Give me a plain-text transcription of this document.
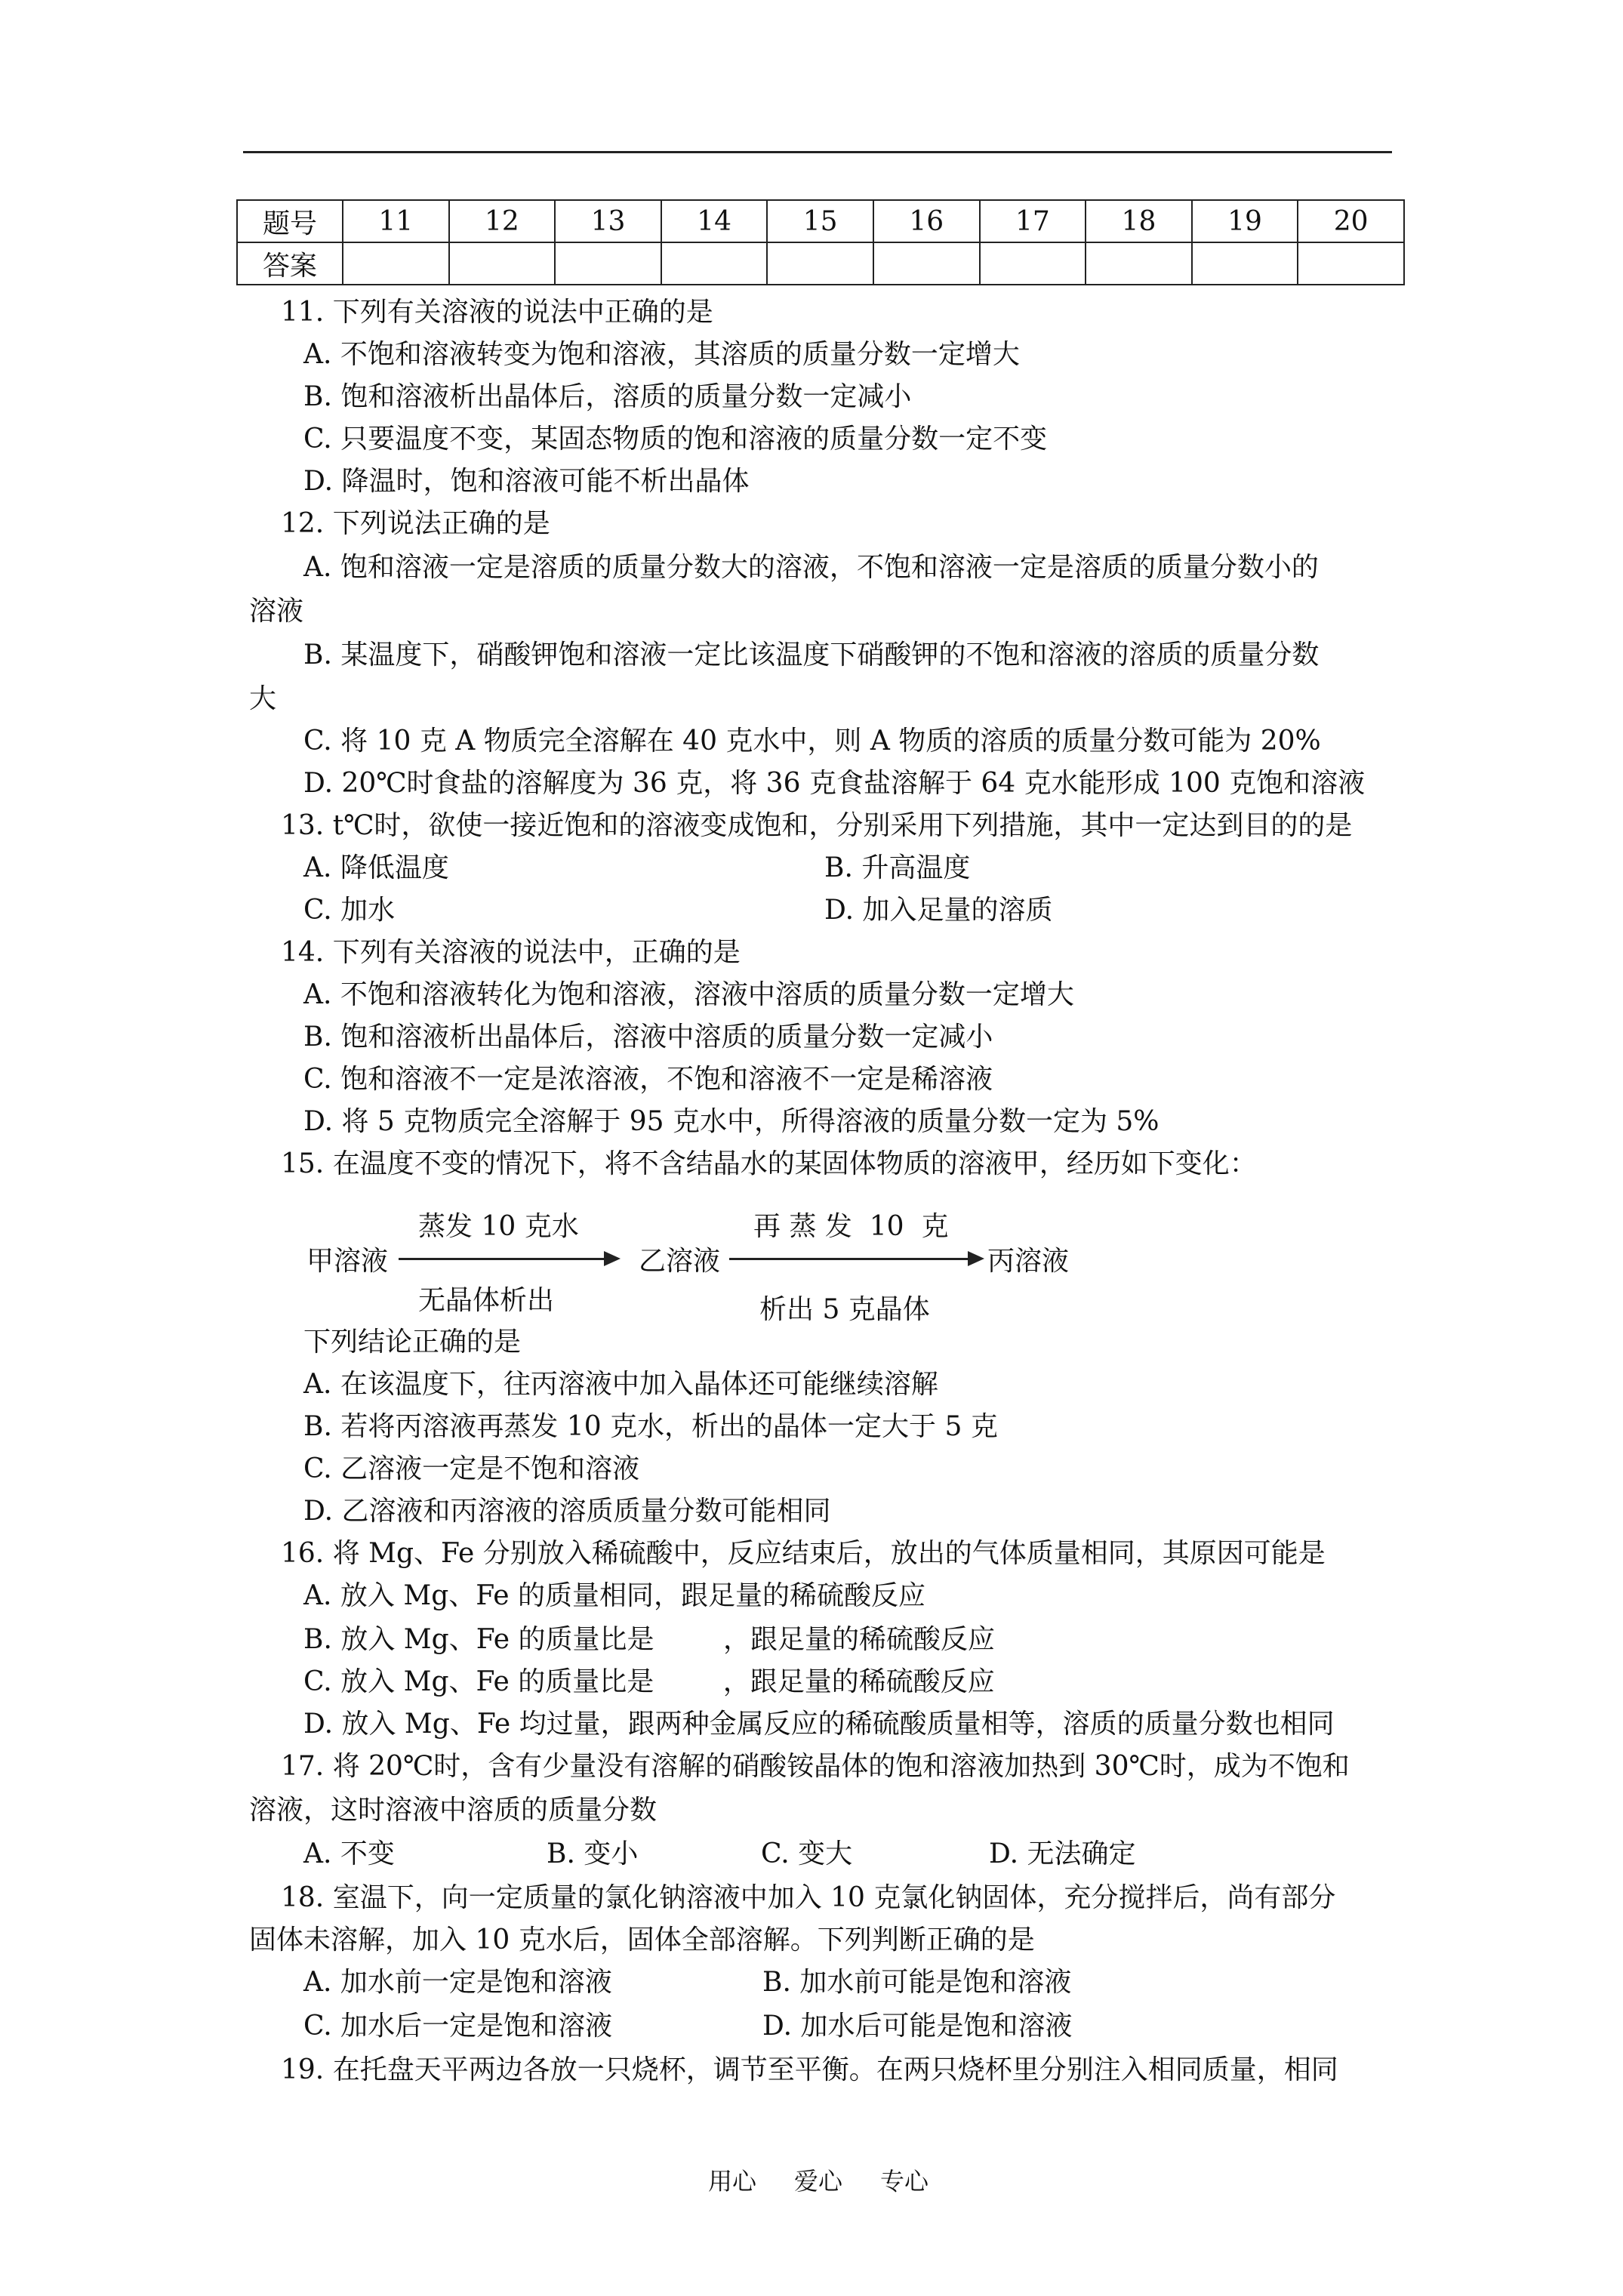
题号	11	12	13	14	15	16	17	18	19	20
答案										
11. 下列有关溶液的说法中正确的是
A. 不饱和溶液转变为饱和溶液，其溶质的质量分数一定增大
B. 饱和溶液析出晶体后，溶质的质量分数一定减小
C. 只要温度不变，某固态物质的饱和溶液的质量分数一定不变
D. 降温时，饱和溶液可能不析出晶体
12. 下列说法正确的是
A. 饱和溶液一定是溶质的质量分数大的溶液，不饱和溶液一定是溶质的质量分数小的
溶液
B. 某温度下，硝酸钾饱和溶液一定比该温度下硝酸钾的不饱和溶液的溶质的质量分数
大
C. 将 10 克 A 物质完全溶解在 40 克水中，则 A 物质的溶质的质量分数可能为 20%
D. 20℃时食盐的溶解度为 36 克，将 36 克食盐溶解于 64 克水能形成 100 克饱和溶液
13. t℃时，欲使一接近饱和的溶液变成饱和，分别采用下列措施，其中一定达到目的的是
A. 降低温度	B. 升高温度
C. 加水	D. 加入足量的溶质
14. 下列有关溶液的说法中，正确的是
A. 不饱和溶液转化为饱和溶液，溶液中溶质的质量分数一定增大
B. 饱和溶液析出晶体后，溶液中溶质的质量分数一定减小
C. 饱和溶液不一定是浓溶液，不饱和溶液不一定是稀溶液
D. 将 5 克物质完全溶解于 95 克水中，所得溶液的质量分数一定为 5%
15. 在温度不变的情况下，将不含结晶水的某固体物质的溶液甲，经历如下变化：
蒸发 10 克水
甲溶液
无晶体析出
乙溶液
再 蒸 发  10  克
析出 5 克晶体
丙溶液
下列结论正确的是
A. 在该温度下，往丙溶液中加入晶体还可能继续溶解
B. 若将丙溶液再蒸发 10 克水，析出的晶体一定大于 5 克
C. 乙溶液一定是不饱和溶液
D. 乙溶液和丙溶液的溶质质量分数可能相同
16. 将 Mg、Fe 分别放入稀硫酸中，反应结束后，放出的气体质量相同，其原因可能是
A. 放入 Mg、Fe 的质量相同，跟足量的稀硫酸反应
B. 放入 Mg、Fe 的质量比是        ，跟足量的稀硫酸反应
C. 放入 Mg、Fe 的质量比是        ，跟足量的稀硫酸反应
D. 放入 Mg、Fe 均过量，跟两种金属反应的稀硫酸质量相等，溶质的质量分数也相同
17. 将 20℃时，含有少量没有溶解的硝酸铵晶体的饱和溶液加热到 30℃时，成为不饱和
溶液，这时溶液中溶质的质量分数
A. 不变	B. 变小	C. 变大	D. 无法确定
18. 室温下，向一定质量的氯化钠溶液中加入 10 克氯化钠固体，充分搅拌后，尚有部分
固体未溶解，加入 10 克水后，固体全部溶解。下列判断正确的是
A. 加水前一定是饱和溶液	B. 加水前可能是饱和溶液
C. 加水后一定是饱和溶液	D. 加水后可能是饱和溶液
19. 在托盘天平两边各放一只烧杯，调节至平衡。在两只烧杯里分别注入相同质量，相同
用心 爱心 专心
